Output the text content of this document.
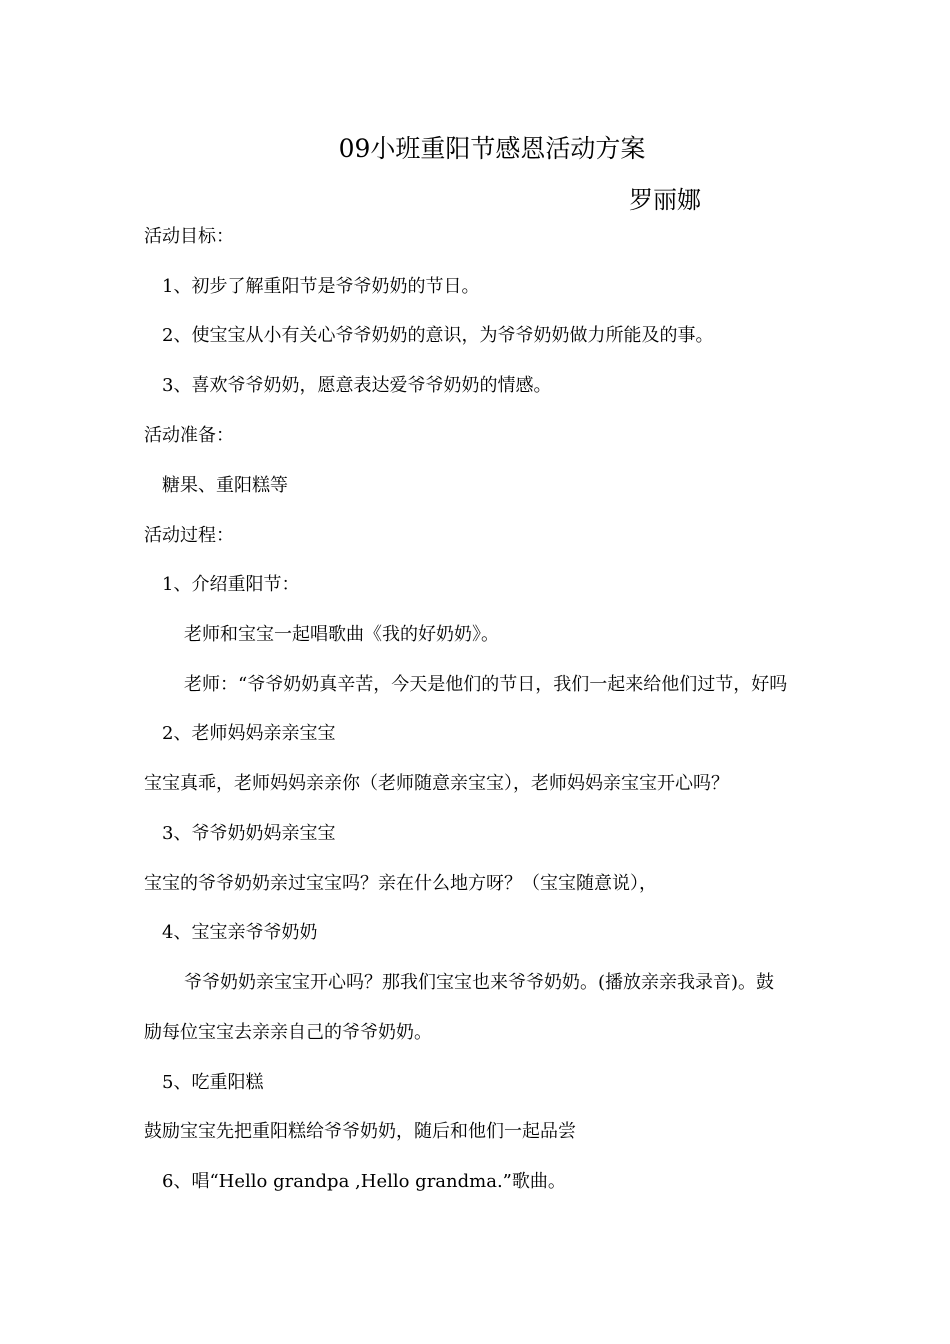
09小班重阳节感恩活动方案
罗丽娜
活动目标：
1、初步了解重阳节是爷爷奶奶的节日。
2、使宝宝从小有关心爷爷奶奶的意识，为爷爷奶奶做力所能及的事。
3、喜欢爷爷奶奶，愿意表达爱爷爷奶奶的情感。
活动准备：
糖果、重阳糕等
活动过程：
1、介绍重阳节：
老师和宝宝一起唱歌曲《我的好奶奶》。
老师：“爷爷奶奶真辛苦，今天是他们的节日，我们一起来给他们过节，好吗
2、老师妈妈亲亲宝宝
宝宝真乖，老师妈妈亲亲你（老师随意亲宝宝），老师妈妈亲宝宝开心吗？
3、爷爷奶奶妈亲宝宝
宝宝的爷爷奶奶亲过宝宝吗？亲在什么地方呀？（宝宝随意说），
4、宝宝亲爷爷奶奶
爷爷奶奶亲宝宝开心吗？那我们宝宝也来爷爷奶奶。(播放亲亲我录音)。鼓
励每位宝宝去亲亲自己的爷爷奶奶。
5、吃重阳糕
鼓励宝宝先把重阳糕给爷爷奶奶，随后和他们一起品尝
6、唱“Hello grandpa ,Hello grandma.”歌曲。
